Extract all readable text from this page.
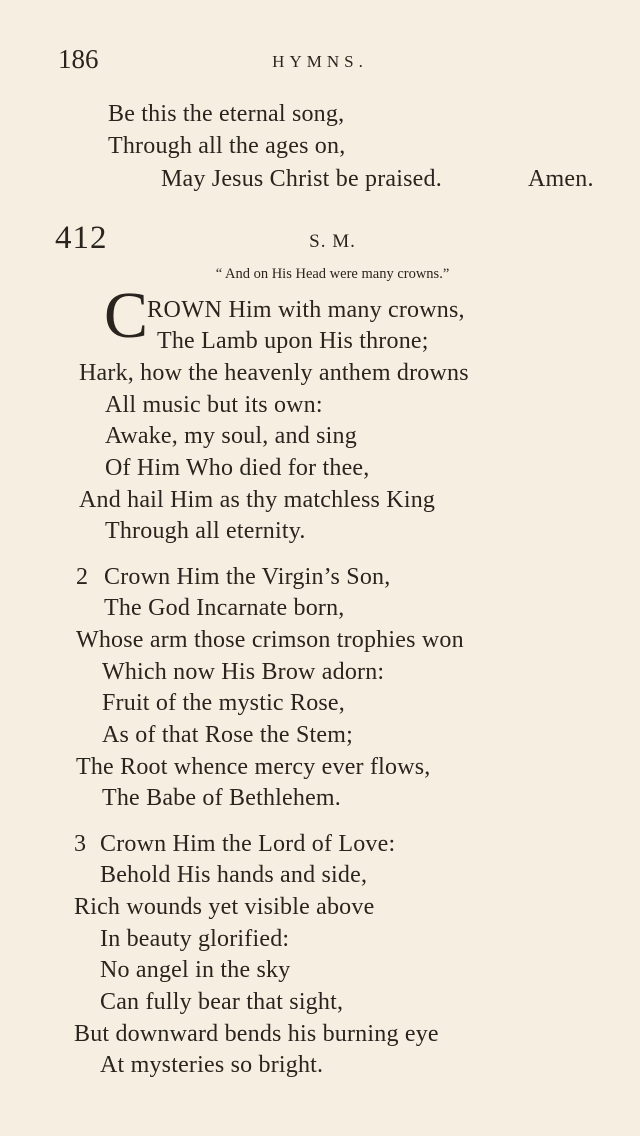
186	HYMNS.
Be this the eternal song,
Through all the ages on,
May Jesus Christ be praised.	Amen.
412	S. M.
“ And on His Head were many crowns.”
C
ROWN Him with many crowns,
The Lamb upon His throne;
Hark, how the heavenly anthem drowns
All music but its own:
Awake, my soul, and sing
Of Him Who died for thee,
And hail Him as thy matchless King
Through all eternity.
2 Crown Him the Virgin’s Son,
The God Incarnate born,
Whose arm those crimson trophies won
Which now His Brow adorn:
Fruit of the mystic Rose,
As of that Rose the Stem;
The Root whence mercy ever flows,
The Babe of Bethlehem.
3 Crown Him the Lord of Love:
Behold His hands and side,
Rich wounds yet visible above
In beauty glorified:
No angel in the sky
Can fully bear that sight,
But downward bends his burning eye
At mysteries so bright.
